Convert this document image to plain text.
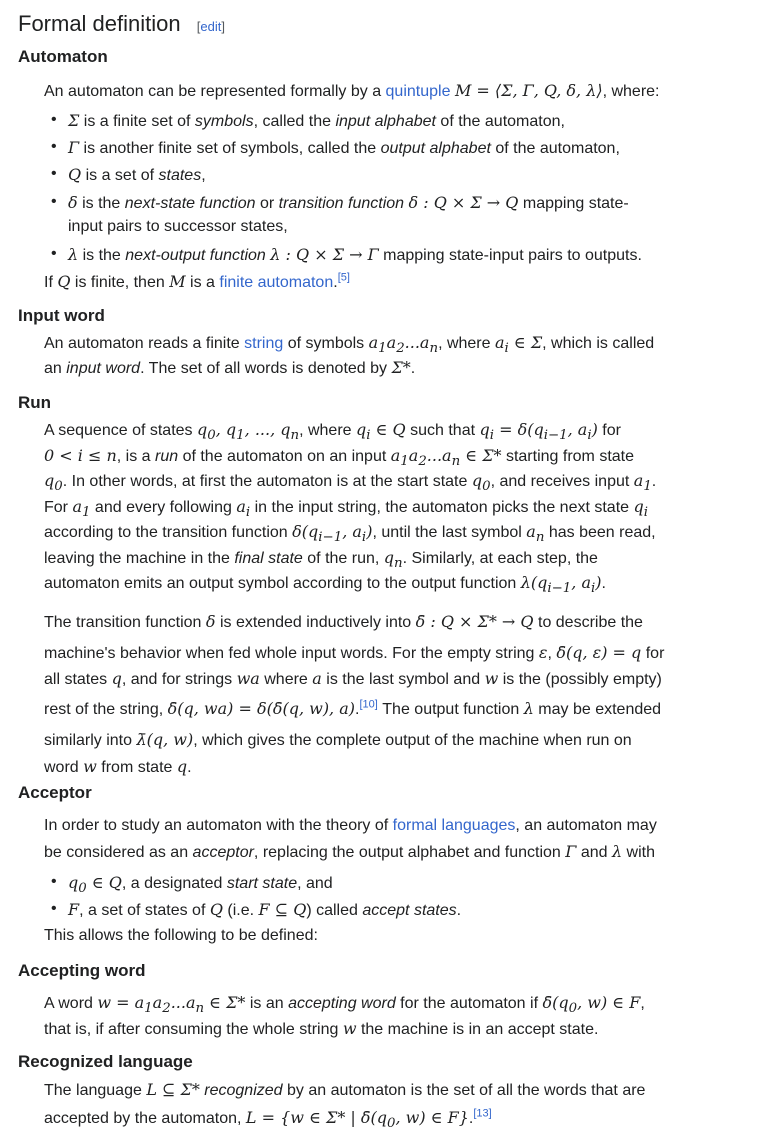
Formal definition [edit]
Automaton
An automaton can be represented formally by a quintuple M = ⟨Σ, Γ, Q, δ, λ⟩, where:
• Σ is a finite set of symbols, called the input alphabet of the automaton,
• Γ is another finite set of symbols, called the output alphabet of the automaton,
• Q is a set of states,
• δ is the next-state function or transition function δ : Q × Σ → Q mapping state-
input pairs to successor states,
• λ is the next-output function λ : Q × Σ → Γ mapping state-input pairs to outputs.
If Q is finite, then M is a finite automaton.[5]
Input word
An automaton reads a finite string of symbols $a_1a_2...a_n$, where $a_i$ ∈ Σ, which is called
an input word. The set of all words is denoted by Σ*.
Run
A sequence of states $q_0$, $q_1$, ..., $q_n$, where $q_i$ ∈ Q such that $q_i = \delta(q_{i-1}$, $a_i$) for
0 < i ≤ n, is a run of the automaton on an input $a_1a_2...a_n$ ∈ Σ* starting from state
$q_0$. In other words, at first the automaton is at the start state $q_0$, and receives input $a_1$.
For $a_1$ and every following $a_i$ in the input string, the automaton picks the next state $q_i$
according to the transition function $\delta(q_{i-1}$, $a_i$), until the last symbol $a_n$ has been read,
leaving the machine in the final state of the run, $q_n$. Similarly, at each step, the
automaton emits an output symbol according to the output function $\lambda(q_{i-1}$, $a_i$).
The transition function δ is extended inductively into δ̄ : Q × Σ* → Q to describe the
machine's behavior when fed whole input words. For the empty string ε, δ̄(q, ε) = q for
all states q, and for strings wa where a is the last symbol and w is the (possibly empty)
rest of the string, δ̄(q, wa) = δ(δ̄(q, w), a).[10] The output function λ may be extended
similarly into λ̄(q, w), which gives the complete output of the machine when run on
word w from state q.
Acceptor
In order to study an automaton with the theory of formal languages, an automaton may
be considered as an acceptor, replacing the output alphabet and function Γ and λ with
• $q_0$ ∈ Q, a designated start state, and
• F, a set of states of Q (i.e. F ⊆ Q) called accept states.
This allows the following to be defined:
Accepting word
A word $w = a_1a_2...a_n$ ∈ Σ* is an accepting word for the automaton if $\deltā(q_0$, w) ∈ F,
that is, if after consuming the whole string w the machine is in an accept state.
Recognized language
The language L ⊆ Σ* recognized by an automaton is the set of all the words that are
accepted by the automaton, L = {w ∈ Σ* | $\deltā(q_0$, w) ∈ F}.[13]
